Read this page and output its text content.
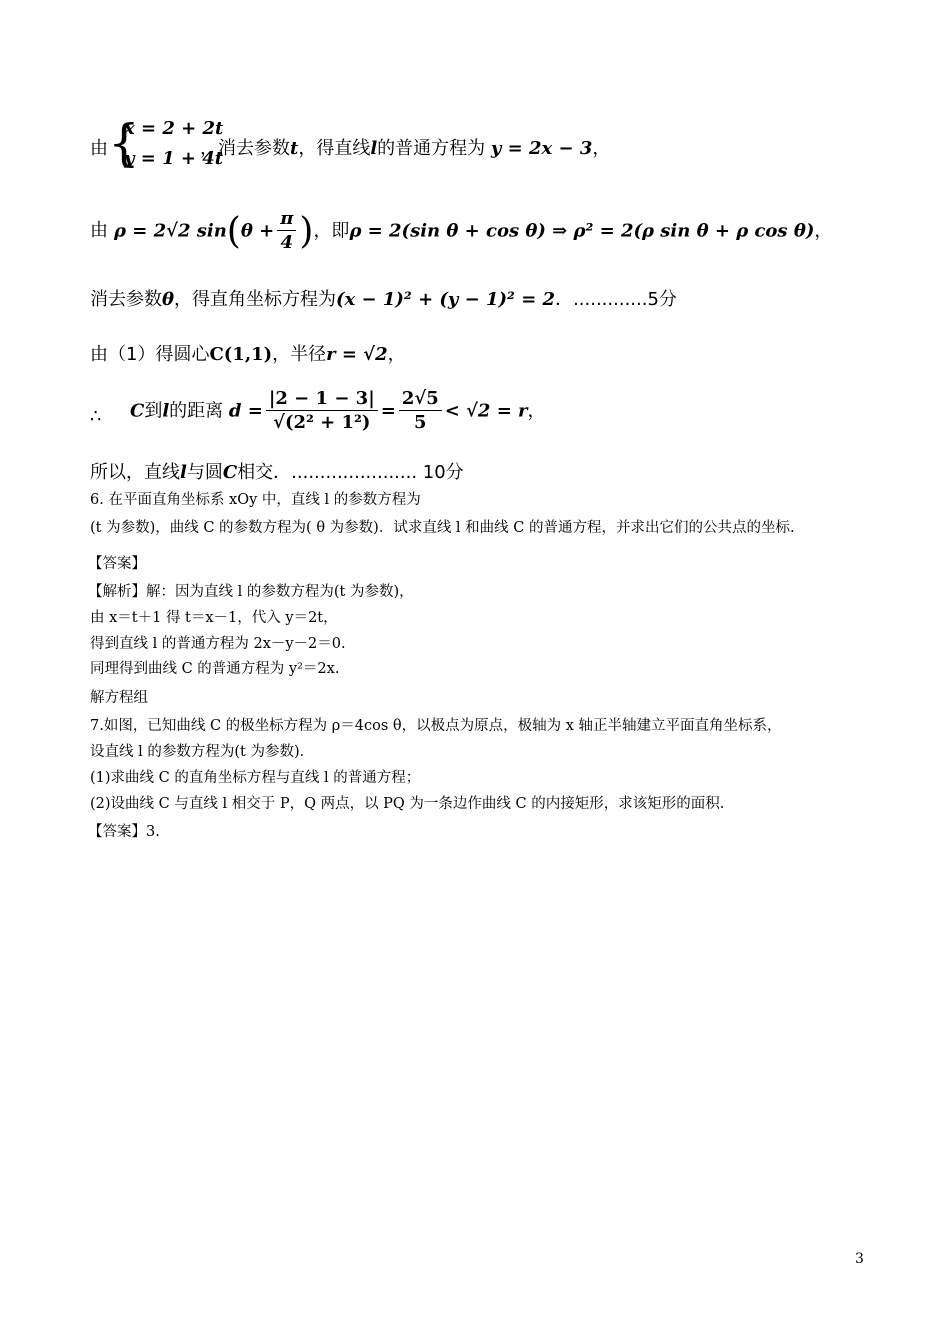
由 {
x = 2 + 2t
y = 1 + 4t
，消去参数t，得直线l的普通方程为 y = 2x − 3，
由 ρ = 2√2 $\sin(\theta + \frac{\pi}{4}$ )，即ρ = 2(sin θ + cos θ) ⇒ ρ² = 2(ρ sin θ + ρ cos θ)，
消去参数θ，得直角坐标方程为(x − 1)² + (y − 1)² = 2．.............5分
由（1）得圆心C(1,1)，半径r = √2，
∴ C到l的距离 $d = \frac{|2 - 1 - 3|}{\text{√(2² + 1²)}} = \frac{2√5}{5} < √2 = r$，
所以，直线l与圆C相交．...................... 10分
6. 在平面直角坐标系 xOy 中，直线 l 的参数方程为
(t 为参数)，曲线 C 的参数方程为( θ 为参数)．试求直线 l 和曲线 C 的普通方程，并求出它们的公共点的坐标.
【答案】
【解析】解：因为直线 l 的参数方程为(t 为参数)，
由 x＝t＋1 得 t＝x－1，代入 y＝2t，
得到直线 l 的普通方程为 2x－y－2＝0.
同理得到曲线 C 的普通方程为 y²＝2x.
解方程组
7.如图，已知曲线 C 的极坐标方程为 ρ＝4cos θ，以极点为原点，极轴为 x 轴正半轴建立平面直角坐标系，
设直线 l 的参数方程为(t 为参数)．
(1)求曲线 C 的直角坐标方程与直线 l 的普通方程；
(2)设曲线 C 与直线 l 相交于 P，Q 两点，以 PQ 为一条边作曲线 C 的内接矩形，求该矩形的面积.
【答案】3.
3
